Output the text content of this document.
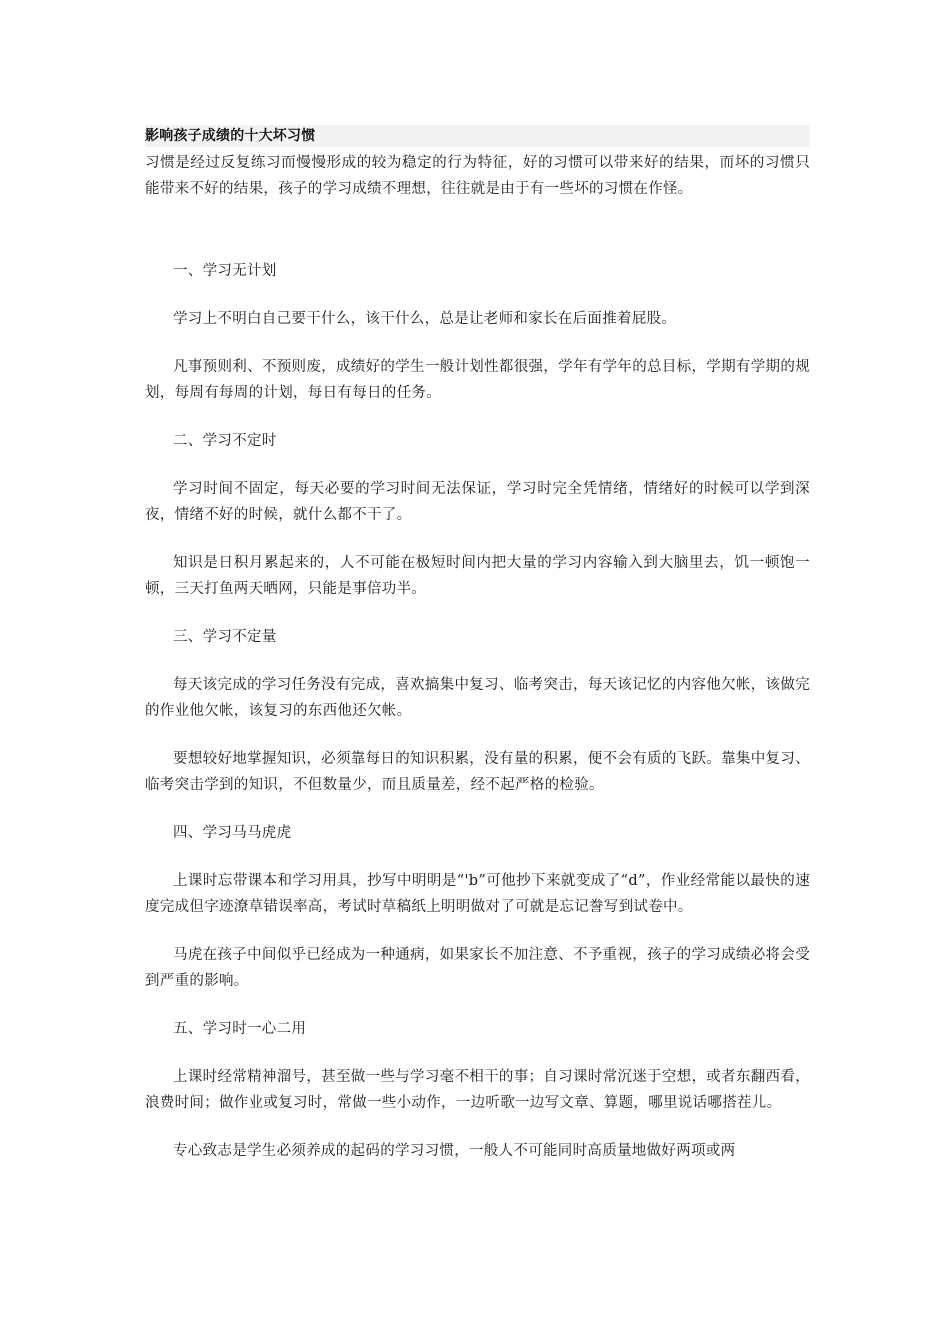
影响孩子成绩的十大坏习惯
习惯是经过反复练习而慢慢形成的较为稳定的行为特征，好的习惯可以带来好的结果，而坏的习惯只能带来不好的结果，孩子的学习成绩不理想，往往就是由于有一些坏的习惯在作怪。
一、学习无计划
学习上不明白自己要干什么，该干什么，总是让老师和家长在后面推着屁股。
凡事预则利、不预则废，成绩好的学生一般计划性都很强，学年有学年的总目标，学期有学期的规划，每周有每周的计划，每日有每日的任务。
二、学习不定时
学习时间不固定，每天必要的学习时间无法保证，学习时完全凭情绪，情绪好的时候可以学到深夜，情绪不好的时候，就什么都不干了。
知识是日积月累起来的，人不可能在极短时间内把大量的学习内容输入到大脑里去，饥一顿饱一顿，三天打鱼两天晒网，只能是事倍功半。
三、学习不定量
每天该完成的学习任务没有完成，喜欢搞集中复习、临考突击，每天该记忆的内容他欠帐，该做完的作业他欠帐，该复习的东西他还欠帐。
要想较好地掌握知识，必须靠每日的知识积累，没有量的积累，便不会有质的飞跃。靠集中复习、临考突击学到的知识，不但数量少，而且质量差，经不起严格的检验。
四、学习马马虎虎
上课时忘带课本和学习用具，抄写中明明是“'b”可他抄下来就变成了“d”，作业经常能以最快的速度完成但字迹潦草错误率高，考试时草稿纸上明明做对了可就是忘记誊写到试卷中。
马虎在孩子中间似乎已经成为一种通病，如果家长不加注意、不予重视，孩子的学习成绩必将会受到严重的影响。
五、学习时一心二用
上课时经常精神溜号，甚至做一些与学习毫不相干的事；自习课时常沉迷于空想，或者东翻西看，浪费时间；做作业或复习时，常做一些小动作，一边听歌一边写文章、算题，哪里说话哪搭茬儿。
专心致志是学生必须养成的起码的学习习惯，一般人不可能同时高质量地做好两项或两
